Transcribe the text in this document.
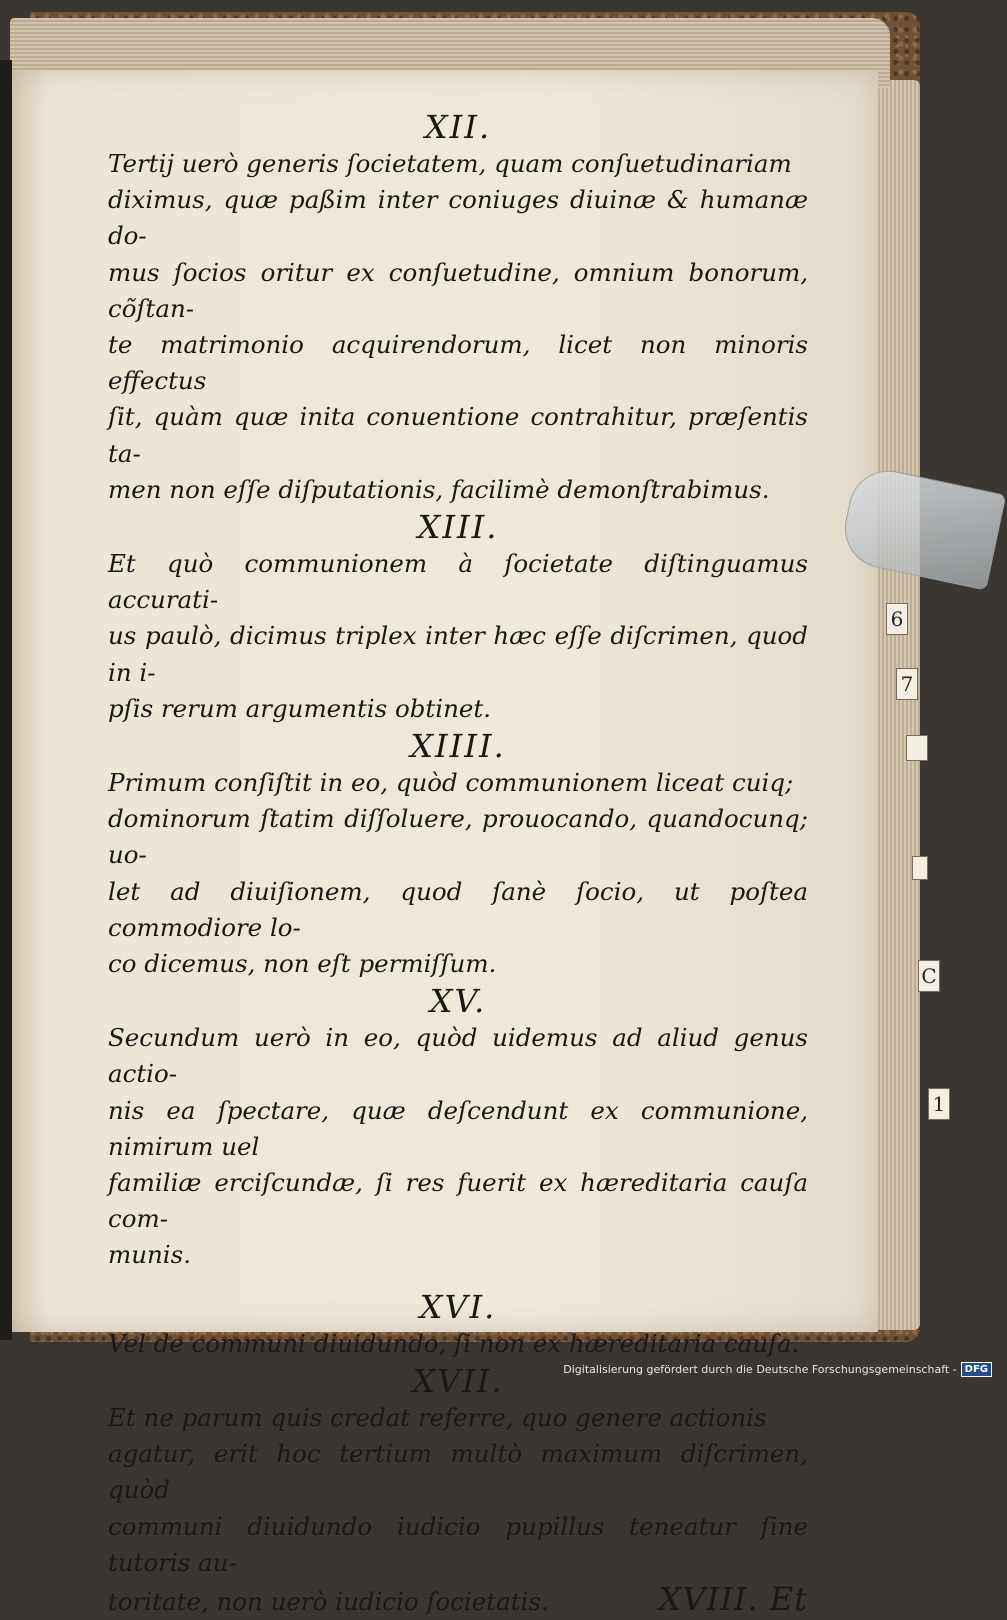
6
7
C
1
XII.

Tertij uerò generis ſocietatem, quam conſuetudinariam
diximus, quæ paßim inter coniuges diuinæ & humanæ do-
mus ſocios oritur ex conſuetudine, omnium bonorum, cõſtan-
te matrimonio acquirendorum, licet non minoris effectus
ſit, quàm quæ inita conuentione contrahitur, præſentis ta-
men non eſſe diſputationis, facilimè demonſtrabimus.

XIII.

Et quò communionem à ſocietate diſtinguamus accurati-
us paulò, dicimus triplex inter hæc eſſe diſcrimen, quod in i-
pſis rerum argumentis obtinet.

XIIII.

Primum conſiſtit in eo, quòd communionem liceat cuiq;
dominorum ſtatim diſſoluere, prouocando, quandocunq; uo-
let ad diuiſionem, quod ſanè ſocio, ut poſtea commodiore lo-
co dicemus, non eſt permiſſum.

XV.

Secundum uerò in eo, quòd uidemus ad aliud genus actio-
nis ea ſpectare, quæ deſcendunt ex communione, nimirum uel
familiæ erciſcundæ, ſi res fuerit ex hæreditaria cauſa com-
munis.

XVI.

Vel de communi diuidundo, ſi non ex hæreditaria cauſa.

XVII.

Et ne parum quis credat referre, quo genere actionis
agatur, erit hoc tertium multò maximum diſcrimen, quòd
communi diuidundo iudicio pupillus teneatur ſine tutoris au-

toritate, non uerò iudicio ſocietatis.	XVIII. Et
Digitalisierung gefördert durch die Deutsche Forschungsgemeinschaft - DFG
